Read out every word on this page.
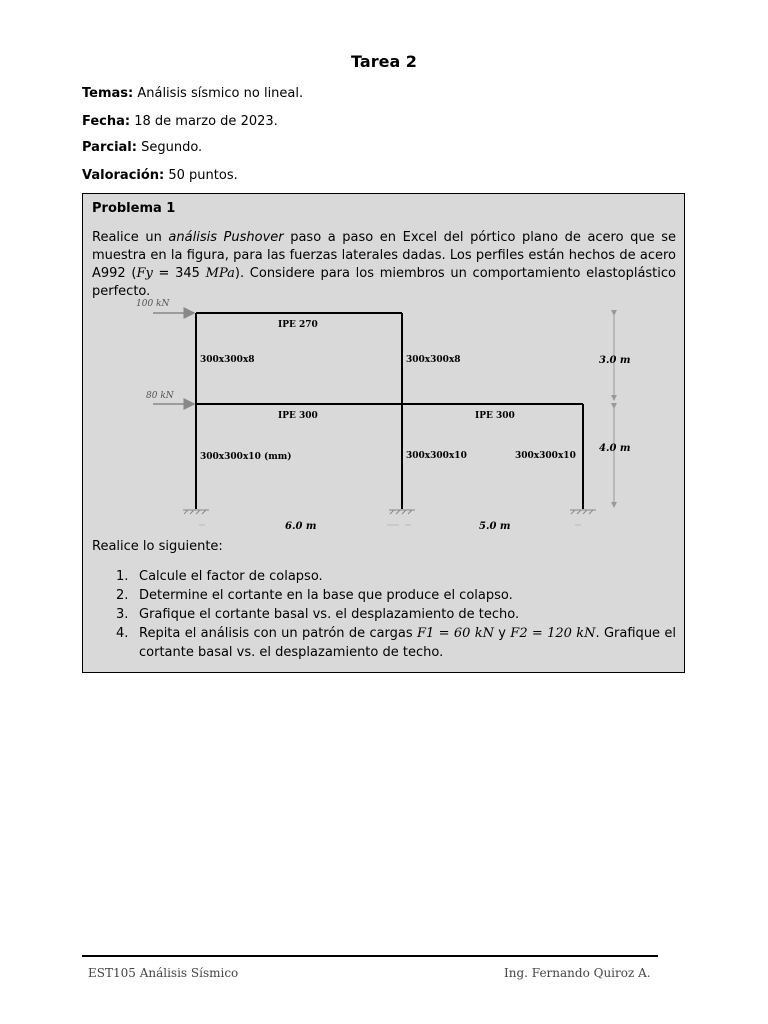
Tarea 2
Temas: Análisis sísmico no lineal.
Fecha: 18 de marzo de 2023.
Parcial: Segundo.
Valoración: 50 puntos.
Problema 1
Realice un análisis Pushover paso a paso en Excel del pórtico plano de acero que se muestra en la figura, para las fuerzas laterales dadas. Los perfiles están hechos de acero A992 (Fy = 345 MPa). Considere para los miembros un comportamiento elastoplástico perfecto.
100 kN
80 kN
IPE 270
IPE 300	IPE 300
300x300x8	300x300x8
300x300x10 (mm)	300x300x10	300x300x10
3.0 m
4.0 m
6.0 m	5.0 m
Realice lo siguiente:
1. Calcule el factor de colapso.
2. Determine el cortante en la base que produce el colapso.
3. Grafique el cortante basal vs. el desplazamiento de techo.
4. Repita el análisis con un patrón de cargas F1 = 60 kN y F2 = 120 kN. Grafique el cortante basal vs. el desplazamiento de techo.
EST105 Análisis Sísmico	Ing. Fernando Quiroz A.
